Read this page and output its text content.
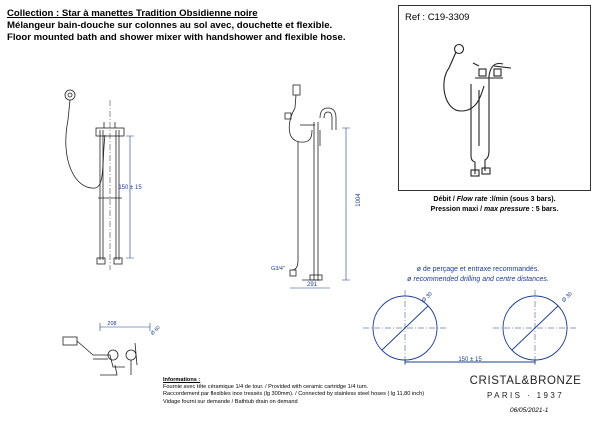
Collection : Star à manettes Tradition Obsidienne noire
Mélangeur bain-douche sur colonnes au sol avec, douchette et flexible.
Floor mounted bath and shower mixer with handshower and flexible hose.
Ref : C19-3309
Débit / Flow rate :l/min (sous 3 bars).
Pression maxi / max pressure : 5 bars.
150 ± 15
1004
G3/4"
291
208
Ø 60
ø de perçage et entraxe recommandés.
ø recommended drilling and centre distances.
Ø 30	Ø 30
150 ± 15
Informations :
Fournie avec tête céramique 1/4 de tour. / Provided with ceramic cartridge 1/4 turn.
Raccordement par flexibles inox tressés (lg 300mm). / Connected by stainless steel hoses ( lg 11,80 inch)
Vidage fourni sur demande / Bathtub drain on demand
CRISTAL&BRONZE
PARIS · 1937
06/05/2021-1
